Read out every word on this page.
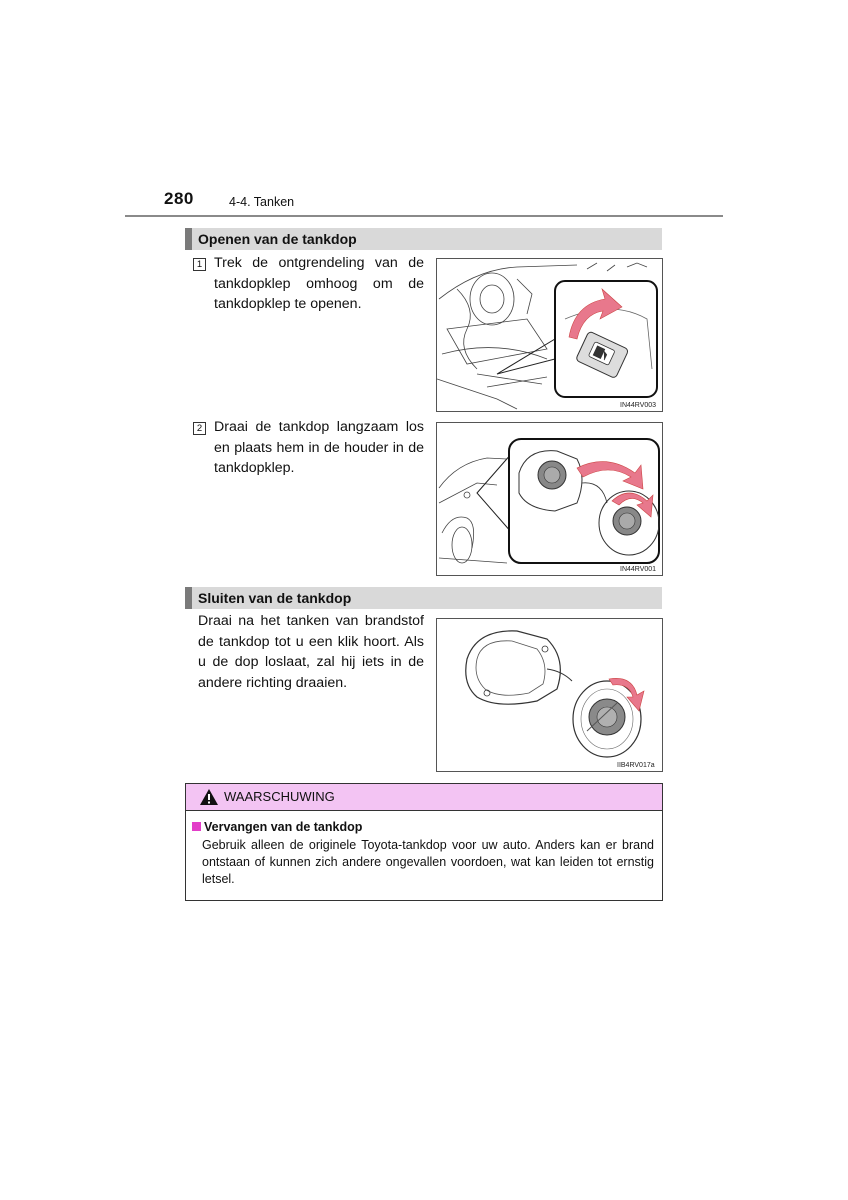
280	4-4. Tanken
Openen van de tankdop
1 Trek de ontgrendeling van de tankdopklep omhoog om de tankdopklep te openen.
IN44RV003
2 Draai de tankdop langzaam los en plaats hem in de houder in de tankdopklep.
IN44RV001
Sluiten van de tankdop
Draai na het tanken van brandstof de tankdop tot u een klik hoort. Als u de dop loslaat, zal hij iets in de andere richting draaien.
IIB4RV017a
WAARSCHUWING
Vervangen van de tankdop
Gebruik alleen de originele Toyota-tankdop voor uw auto. Anders kan er brand ontstaan of kunnen zich andere ongevallen voordoen, wat kan leiden tot ernstig letsel.
